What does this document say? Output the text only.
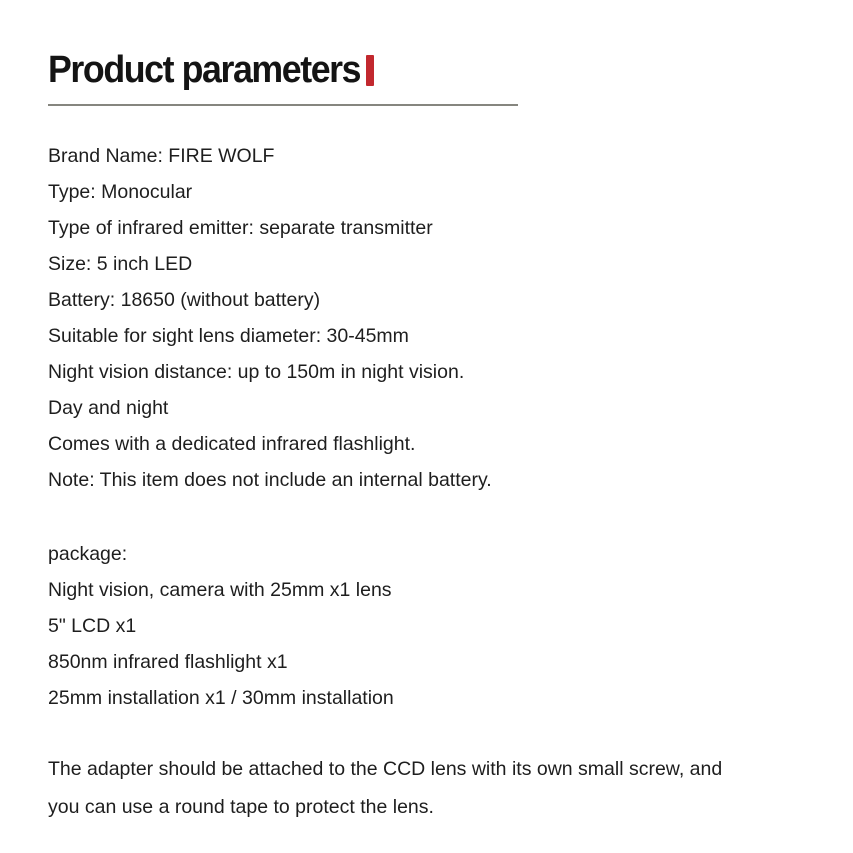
Product parameters

Brand Name: FIRE WOLF

Type: Monocular

Type of infrared emitter: separate transmitter

Size: 5 inch LED

Battery: 18650 (without battery)

Suitable for sight lens diameter: 30-45mm

Night vision distance: up to 150m in night vision.

Day and night

Comes with a dedicated infrared flashlight.

Note: This item does not include an internal battery.

package:

Night vision, camera with 25mm x1 lens

5" LCD x1

850nm infrared flashlight x1

25mm installation x1 / 30mm installation

The adapter should be attached to the CCD lens with its own small screw, and

you can use a round tape to protect the lens.
